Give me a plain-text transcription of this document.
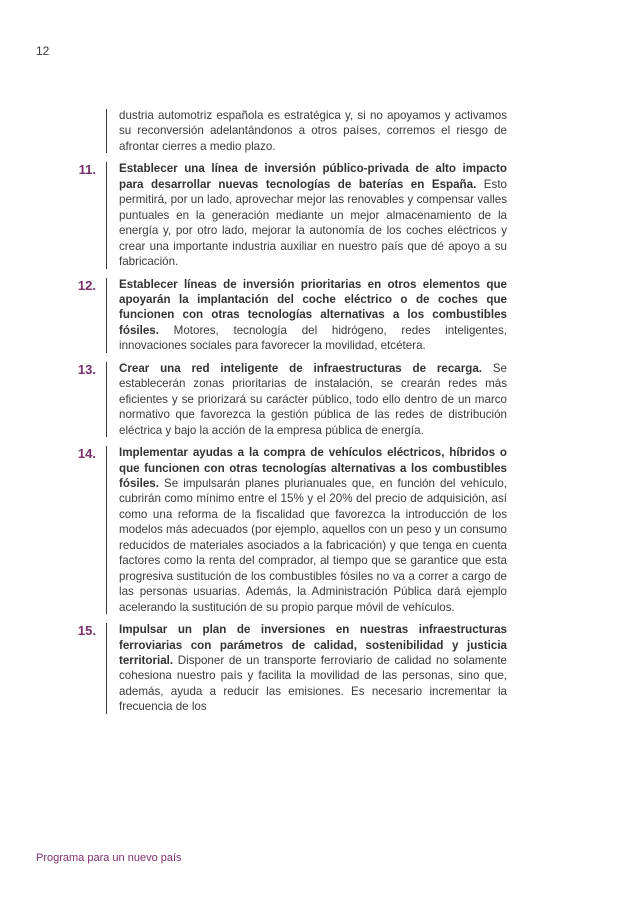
12
dustria automotriz española es estratégica y, si no apoyamos y activamos su reconversión adelantándonos a otros países, corremos el riesgo de afrontar cierres a medio plazo.
11.	Establecer una línea de inversión público-privada de alto impacto para desarrollar nuevas tecnologías de baterías en España. Esto permitirá, por un lado, aprovechar mejor las renovables y compensar valles puntuales en la generación mediante un mejor almacenamiento de la energía y, por otro lado, mejorar la autonomía de los coches eléctricos y crear una importante industria auxiliar en nuestro país que dé apoyo a su fabricación.
12.	Establecer líneas de inversión prioritarias en otros elementos que apoyarán la implantación del coche eléctrico o de coches que funcionen con otras tecnologías alternativas a los combustibles fósiles. Motores, tecnología del hidrógeno, redes inteligentes, innovaciones sociales para favorecer la movilidad, etcétera.
13.	Crear una red inteligente de infraestructuras de recarga. Se establecerán zonas prioritarias de instalación, se crearán redes más eficientes y se priorizará su carácter público, todo ello dentro de un marco normativo que favorezca la gestión pública de las redes de distribución eléctrica y bajo la acción de la empresa pública de energía.
14.	Implementar ayudas a la compra de vehículos eléctricos, híbridos o que funcionen con otras tecnologías alternativas a los combustibles fósiles. Se impulsarán planes plurianuales que, en función del vehículo, cubrirán como mínimo entre el 15% y el 20% del precio de adquisición, así como una reforma de la fiscalidad que favorezca la introducción de los modelos más adecuados (por ejemplo, aquellos con un peso y un consumo reducidos de materiales asociados a la fabricación) y que tenga en cuenta factores como la renta del comprador, al tiempo que se garantice que esta progresiva sustitución de los combustibles fósiles no va a correr a cargo de las personas usuarias. Además, la Administración Pública dará ejemplo acelerando la sustitución de su propio parque móvil de vehículos.
15.	Impulsar un plan de inversiones en nuestras infraestructuras ferroviarias con parámetros de calidad, sostenibilidad y justicia territorial. Disponer de un transporte ferroviario de calidad no solamente cohesiona nuestro país y facilita la movilidad de las personas, sino que, además, ayuda a reducir las emisiones. Es necesario incrementar la frecuencia de los
Programa para un nuevo país
